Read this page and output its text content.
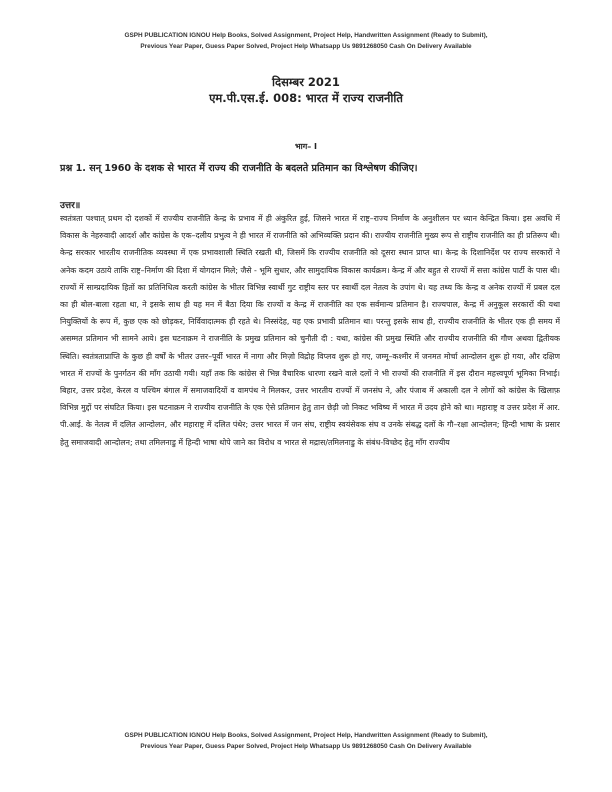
GSPH PUBLICATION IGNOU Help Books, Solved Assignment, Project Help, Handwritten Assignment (Ready to Submit),
Previous Year Paper, Guess Paper Solved, Project Help Whatsapp Us 9891268050 Cash On Delivery Available
दिसम्बर 2021
एम.पी.एस.ई. 008: भारत में राज्य राजनीति
भाग– I
प्रश्न 1. सन् 1960 के दशक से भारत में राज्य की राजनीति के बदलते प्रतिमान का विश्लेषण कीजिए।
उत्तर॥

स्वतंत्रता पश्चात् प्रथम दो दशकों में राज्यीय राजनीति केन्द्र के प्रभाव में ही अंकुरित हुई, जिसने भारत में राष्ट्र–राज्य निर्माण के अनुशीलन पर ध्यान केन्द्रित किया। इस अवधि में विकास के नेहरुवादी आदर्श और कांग्रेस के एक–दलीय प्रभुत्व ने ही भारत में राजनीति को अभिव्यक्ति प्रदान की। राज्यीय राजनीति मुख्य रूप से राष्ट्रीय राजनीति का ही प्रतिरूप थी। केन्द्र सरकार भारतीय राजनीतिक व्यवस्था में एक प्रभावशाली स्थिति रखती थी, जिसमें कि राज्यीय राजनीति को दूसरा स्थान प्राप्त था। केन्द्र के दिशानिर्देश पर राज्य सरकारों ने अनेक कदम उठाये ताकि राष्ट्र–निर्माण की दिशा में योगदान मिले; जैसे - भूमि सुधार, और सामुदायिक विकास कार्यक्रम। केन्द्र में और बहुत से राज्यों में सत्ता कांग्रेस पार्टी के पास थी। राज्यों में साम्प्रदायिक हितों का प्रतिनिधित्व करती कांग्रेस के भीतर विभिन्न स्वार्थी गुट राष्ट्रीय स्तर पर स्वार्थी दल नेतत्व के उपांग थे। यह तथ्य कि केन्द्र व अनेक राज्यों में प्रबल दल का ही बोल-बाला रहता था, ने इसके साथ ही यह मन में बैठा दिया कि राज्यों व केन्द्र में राजनीति का एक सर्वमान्य प्रतिमान है। राज्यपाल, केन्द्र में अनुकूल सरकारों की यथा नियुक्तियों के रूप में, कुछ एक को छोड़कर, निर्विवादात्मक ही रहते थे। निस्संदेह, यह एक प्रभावी प्रतिमान था। परन्तु इसके साथ ही, राज्यीय राजनीति के भीतर एक ही समय में असम्मत प्रतिमान भी सामने आये। इस घटनाक्रम ने राजनीति के प्रमुख प्रतिमान को चुनौती दी : यथा, कांग्रेस की प्रमुख स्थिति और राज्यीय राजनीति की गौण अथवा द्वितीयक स्थिति। स्वतंत्रताप्राप्ति के कुछ ही वर्षों के भीतर उत्तर–पूर्वी भारत में नागा और मिज़ो विद्रोह विप्लव शुरू हो गए, जम्मू–कश्मीर में जनमत मोर्चा आन्दोलन शुरू हो गया, और दक्षिण भारत में राज्यों के पुनर्गठन की माँग उठायी गयी। यहाँ तक कि कांग्रेस से भिन्न वैचारिक धारणा रखने वाले दलों ने भी राज्यों की राजनीति में इस दौरान महत्त्वपूर्ण भूमिका निभाई। बिहार, उत्तर प्रदेश, केरल व पश्चिम बंगाल में समाजवादियों व वामपंथ ने मिलकर, उत्तर भारतीय राज्यों में जनसंघ ने, और पंजाब में अकाली दल ने लोगों को कांग्रेस के खिलाफ़ विभिन्न मुद्दों पर संघटित किया। इस घटनाक्रम ने राज्यीय राजनीति के एक ऐसे प्रतिमान हेतु तान छेड़ी जो निकट भविष्य में भारत में उदय होने को था। महाराष्ट्र व उत्तर प्रदेश में आर. पी.आई. के नेतत्व में दलित आन्दोलन, और महाराष्ट्र में दलित पंथेर; उत्तर भारत में जन संघ, राष्ट्रीय स्वयंसेवक संघ व उनके संबद्ध दलों के गौ–रक्षा आन्दोलन; हिन्दी भाषा के प्रसार हेतु समाजवादी आन्दोलन; तथा तमिलनाडु में हिन्दी भाषा थोपे जाने का विरोध व भारत से मद्रास/तमिलनाडु के संबंध-विच्छेद हेतु माँग राज्यीय

GSPH PUBLICATION IGNOU Help Books, Solved Assignment, Project Help, Handwritten Assignment (Ready to Submit),
Previous Year Paper, Guess Paper Solved, Project Help Whatsapp Us 9891268050 Cash On Delivery Available
